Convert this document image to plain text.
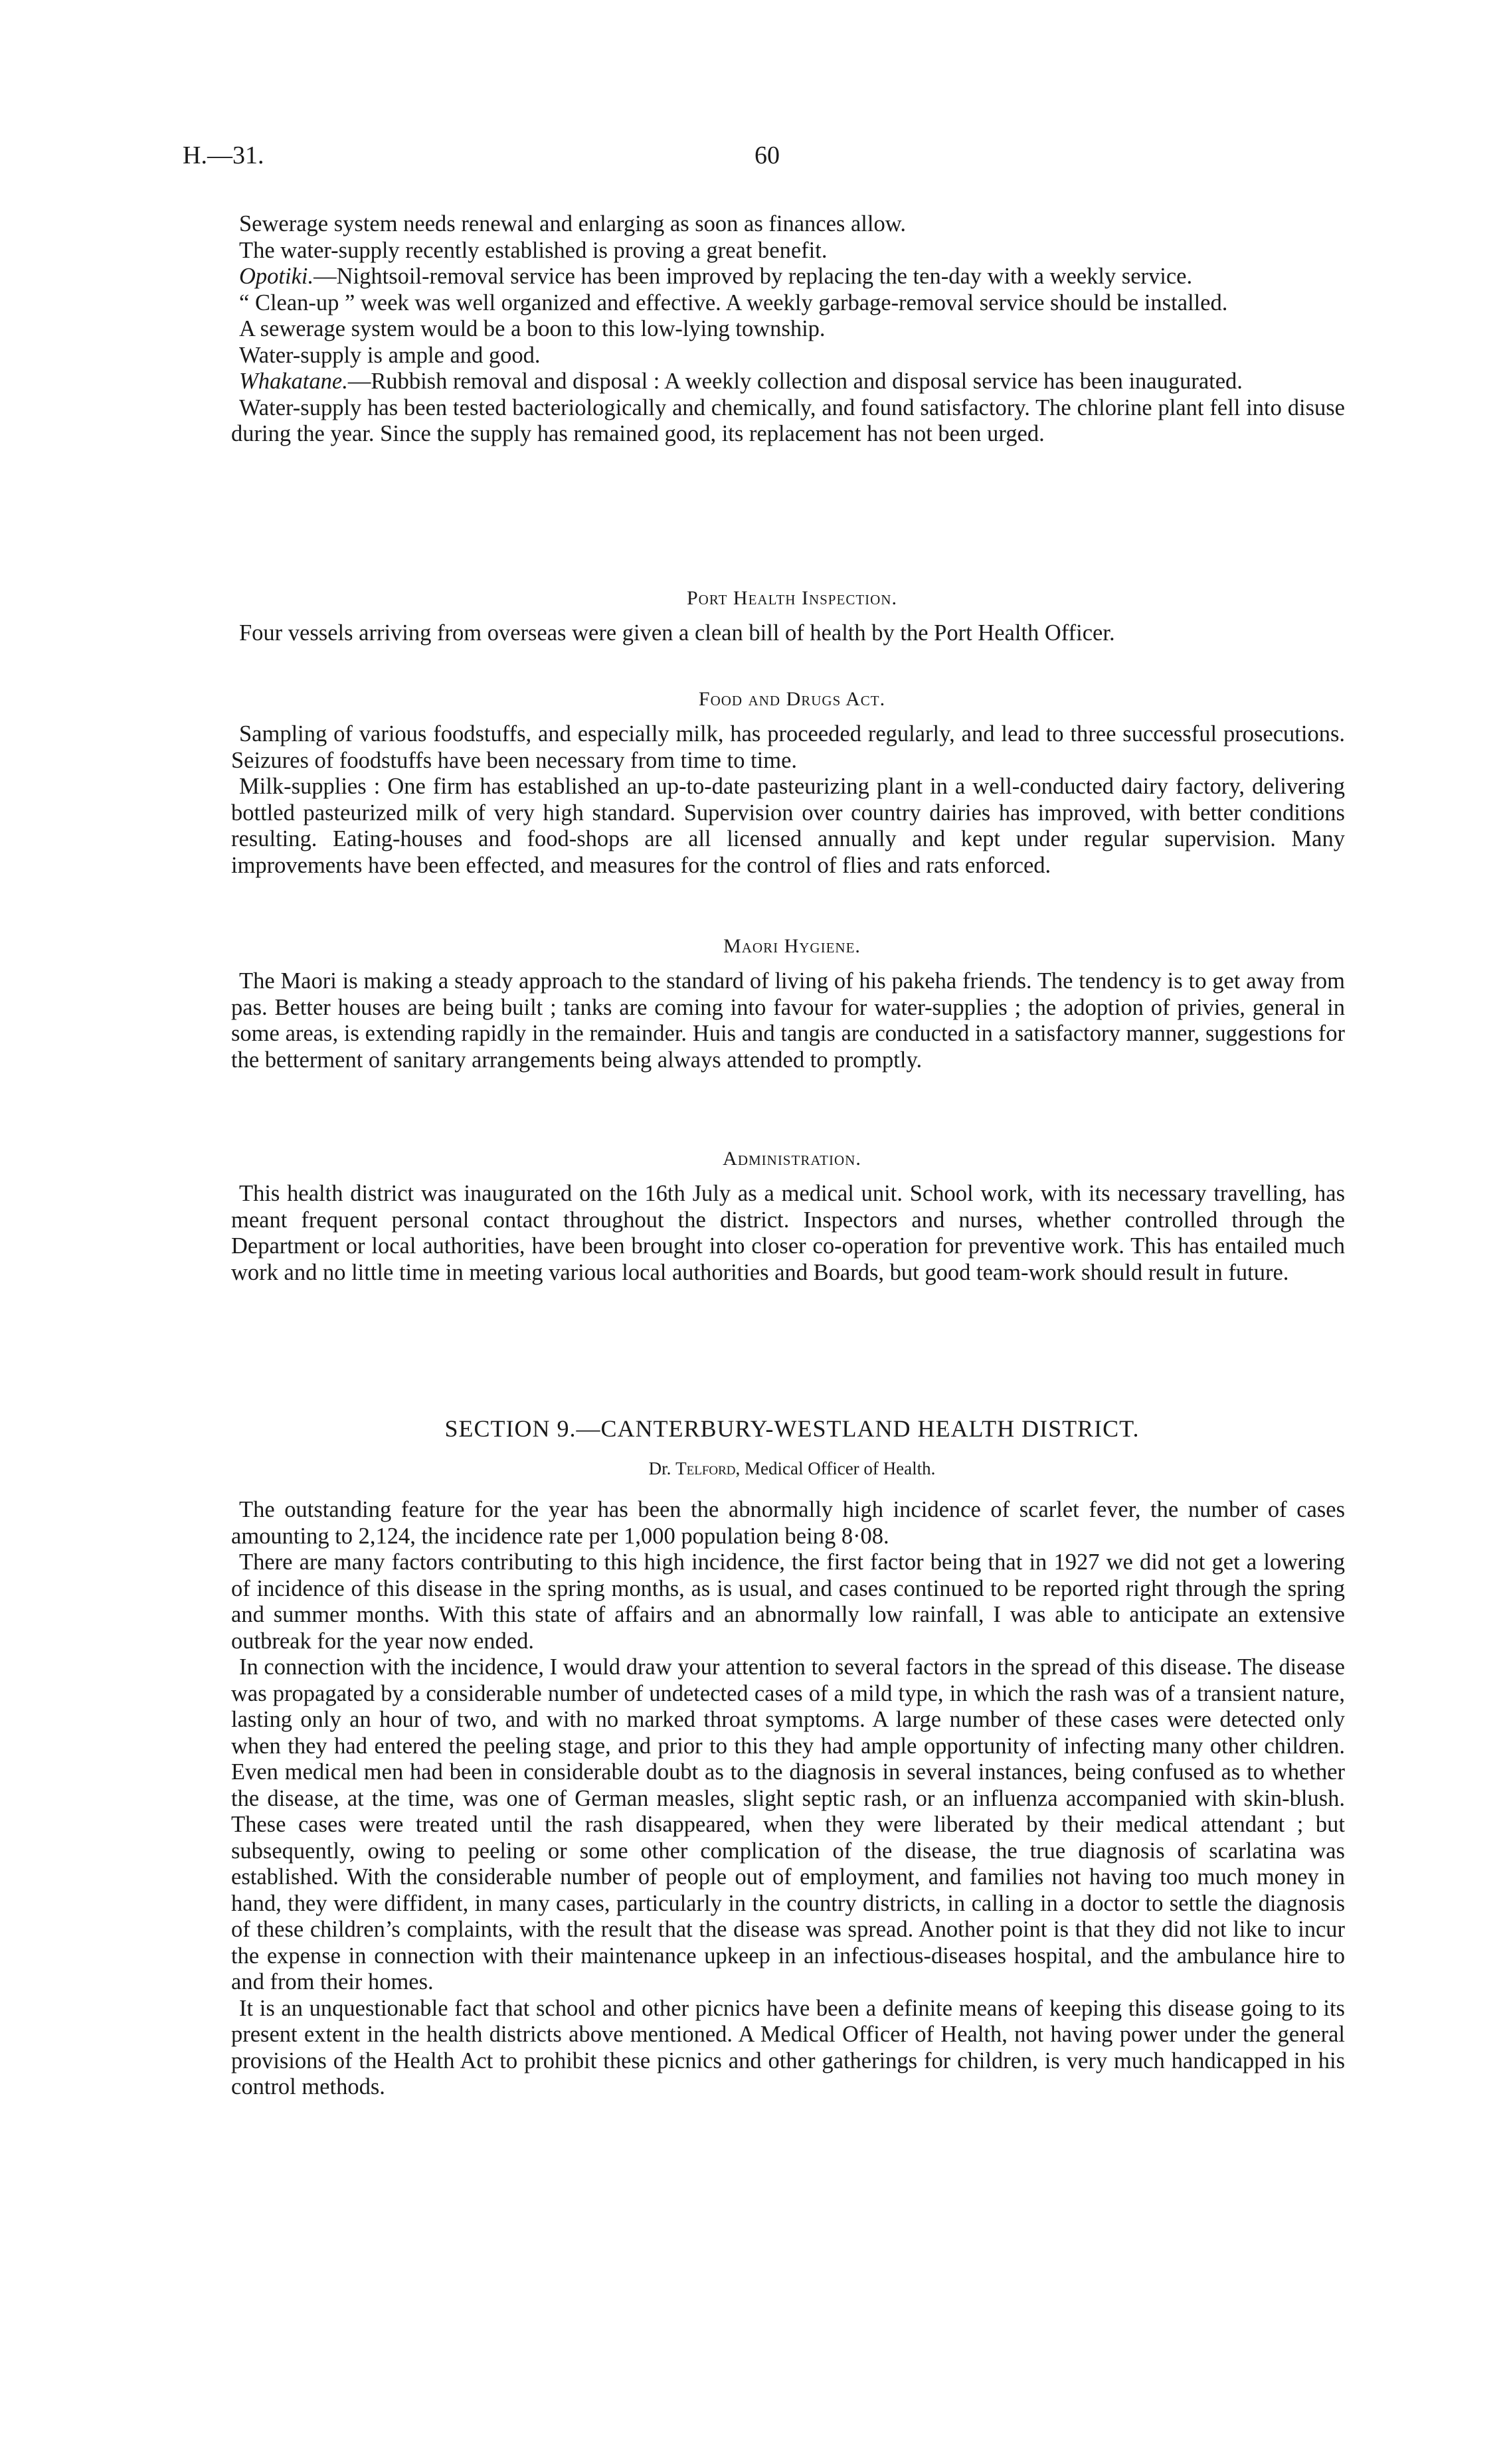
H.—31.	60

Sewerage system needs renewal and enlarging as soon as finances allow.

The water-supply recently established is proving a great benefit.

Opotiki.—Nightsoil-removal service has been improved by replacing the ten-day with a weekly service.

“ Clean-up ” week was well organized and effective. A weekly garbage-removal service should be installed.

A sewerage system would be a boon to this low-lying township.

Water-supply is ample and good.

Whakatane.—Rubbish removal and disposal : A weekly collection and disposal service has been inaugurated.

Water-supply has been tested bacteriologically and chemically, and found satisfactory. The chlorine plant fell into disuse during the year. Since the supply has remained good, its replacement has not been urged.

Port Health Inspection.

Four vessels arriving from overseas were given a clean bill of health by the Port Health Officer.

Food and Drugs Act.

Sampling of various foodstuffs, and especially milk, has proceeded regularly, and lead to three successful prosecutions. Seizures of foodstuffs have been necessary from time to time.

Milk-supplies : One firm has established an up-to-date pasteurizing plant in a well-conducted dairy factory, delivering bottled pasteurized milk of very high standard. Supervision over country dairies has improved, with better conditions resulting. Eating-houses and food-shops are all licensed annually and kept under regular supervision. Many improvements have been effected, and measures for the control of flies and rats enforced.

Maori Hygiene.

The Maori is making a steady approach to the standard of living of his pakeha friends. The tendency is to get away from pas. Better houses are being built ; tanks are coming into favour for water-supplies ; the adoption of privies, general in some areas, is extending rapidly in the remainder. Huis and tangis are conducted in a satisfactory manner, suggestions for the betterment of sanitary arrangements being always attended to promptly.

Administration.

This health district was inaugurated on the 16th July as a medical unit. School work, with its necessary travelling, has meant frequent personal contact throughout the district. Inspectors and nurses, whether controlled through the Department or local authorities, have been brought into closer co-operation for preventive work. This has entailed much work and no little time in meeting various local authorities and Boards, but good team-work should result in future.

SECTION 9.—CANTERBURY-WESTLAND HEALTH DISTRICT.
Dr. Telford, Medical Officer of Health.

The outstanding feature for the year has been the abnormally high incidence of scarlet fever, the number of cases amounting to 2,124, the incidence rate per 1,000 population being 8·08.

There are many factors contributing to this high incidence, the first factor being that in 1927 we did not get a lowering of incidence of this disease in the spring months, as is usual, and cases continued to be reported right through the spring and summer months. With this state of affairs and an abnormally low rainfall, I was able to anticipate an extensive outbreak for the year now ended.

In connection with the incidence, I would draw your attention to several factors in the spread of this disease. The disease was propagated by a considerable number of undetected cases of a mild type, in which the rash was of a transient nature, lasting only an hour of two, and with no marked throat symptoms. A large number of these cases were detected only when they had entered the peeling stage, and prior to this they had ample opportunity of infecting many other children. Even medical men had been in considerable doubt as to the diagnosis in several instances, being confused as to whether the disease, at the time, was one of German measles, slight septic rash, or an influenza accompanied with skin-blush. These cases were treated until the rash disappeared, when they were liberated by their medical attendant ; but subsequently, owing to peeling or some other complication of the disease, the true diagnosis of scarlatina was established. With the considerable number of people out of employment, and families not having too much money in hand, they were diffident, in many cases, particularly in the country districts, in calling in a doctor to settle the diagnosis of these children’s complaints, with the result that the disease was spread. Another point is that they did not like to incur the expense in connection with their maintenance upkeep in an infectious-diseases hospital, and the ambulance hire to and from their homes.

It is an unquestionable fact that school and other picnics have been a definite means of keeping this disease going to its present extent in the health districts above mentioned. A Medical Officer of Health, not having power under the general provisions of the Health Act to prohibit these picnics and other gatherings for children, is very much handicapped in his control methods.
